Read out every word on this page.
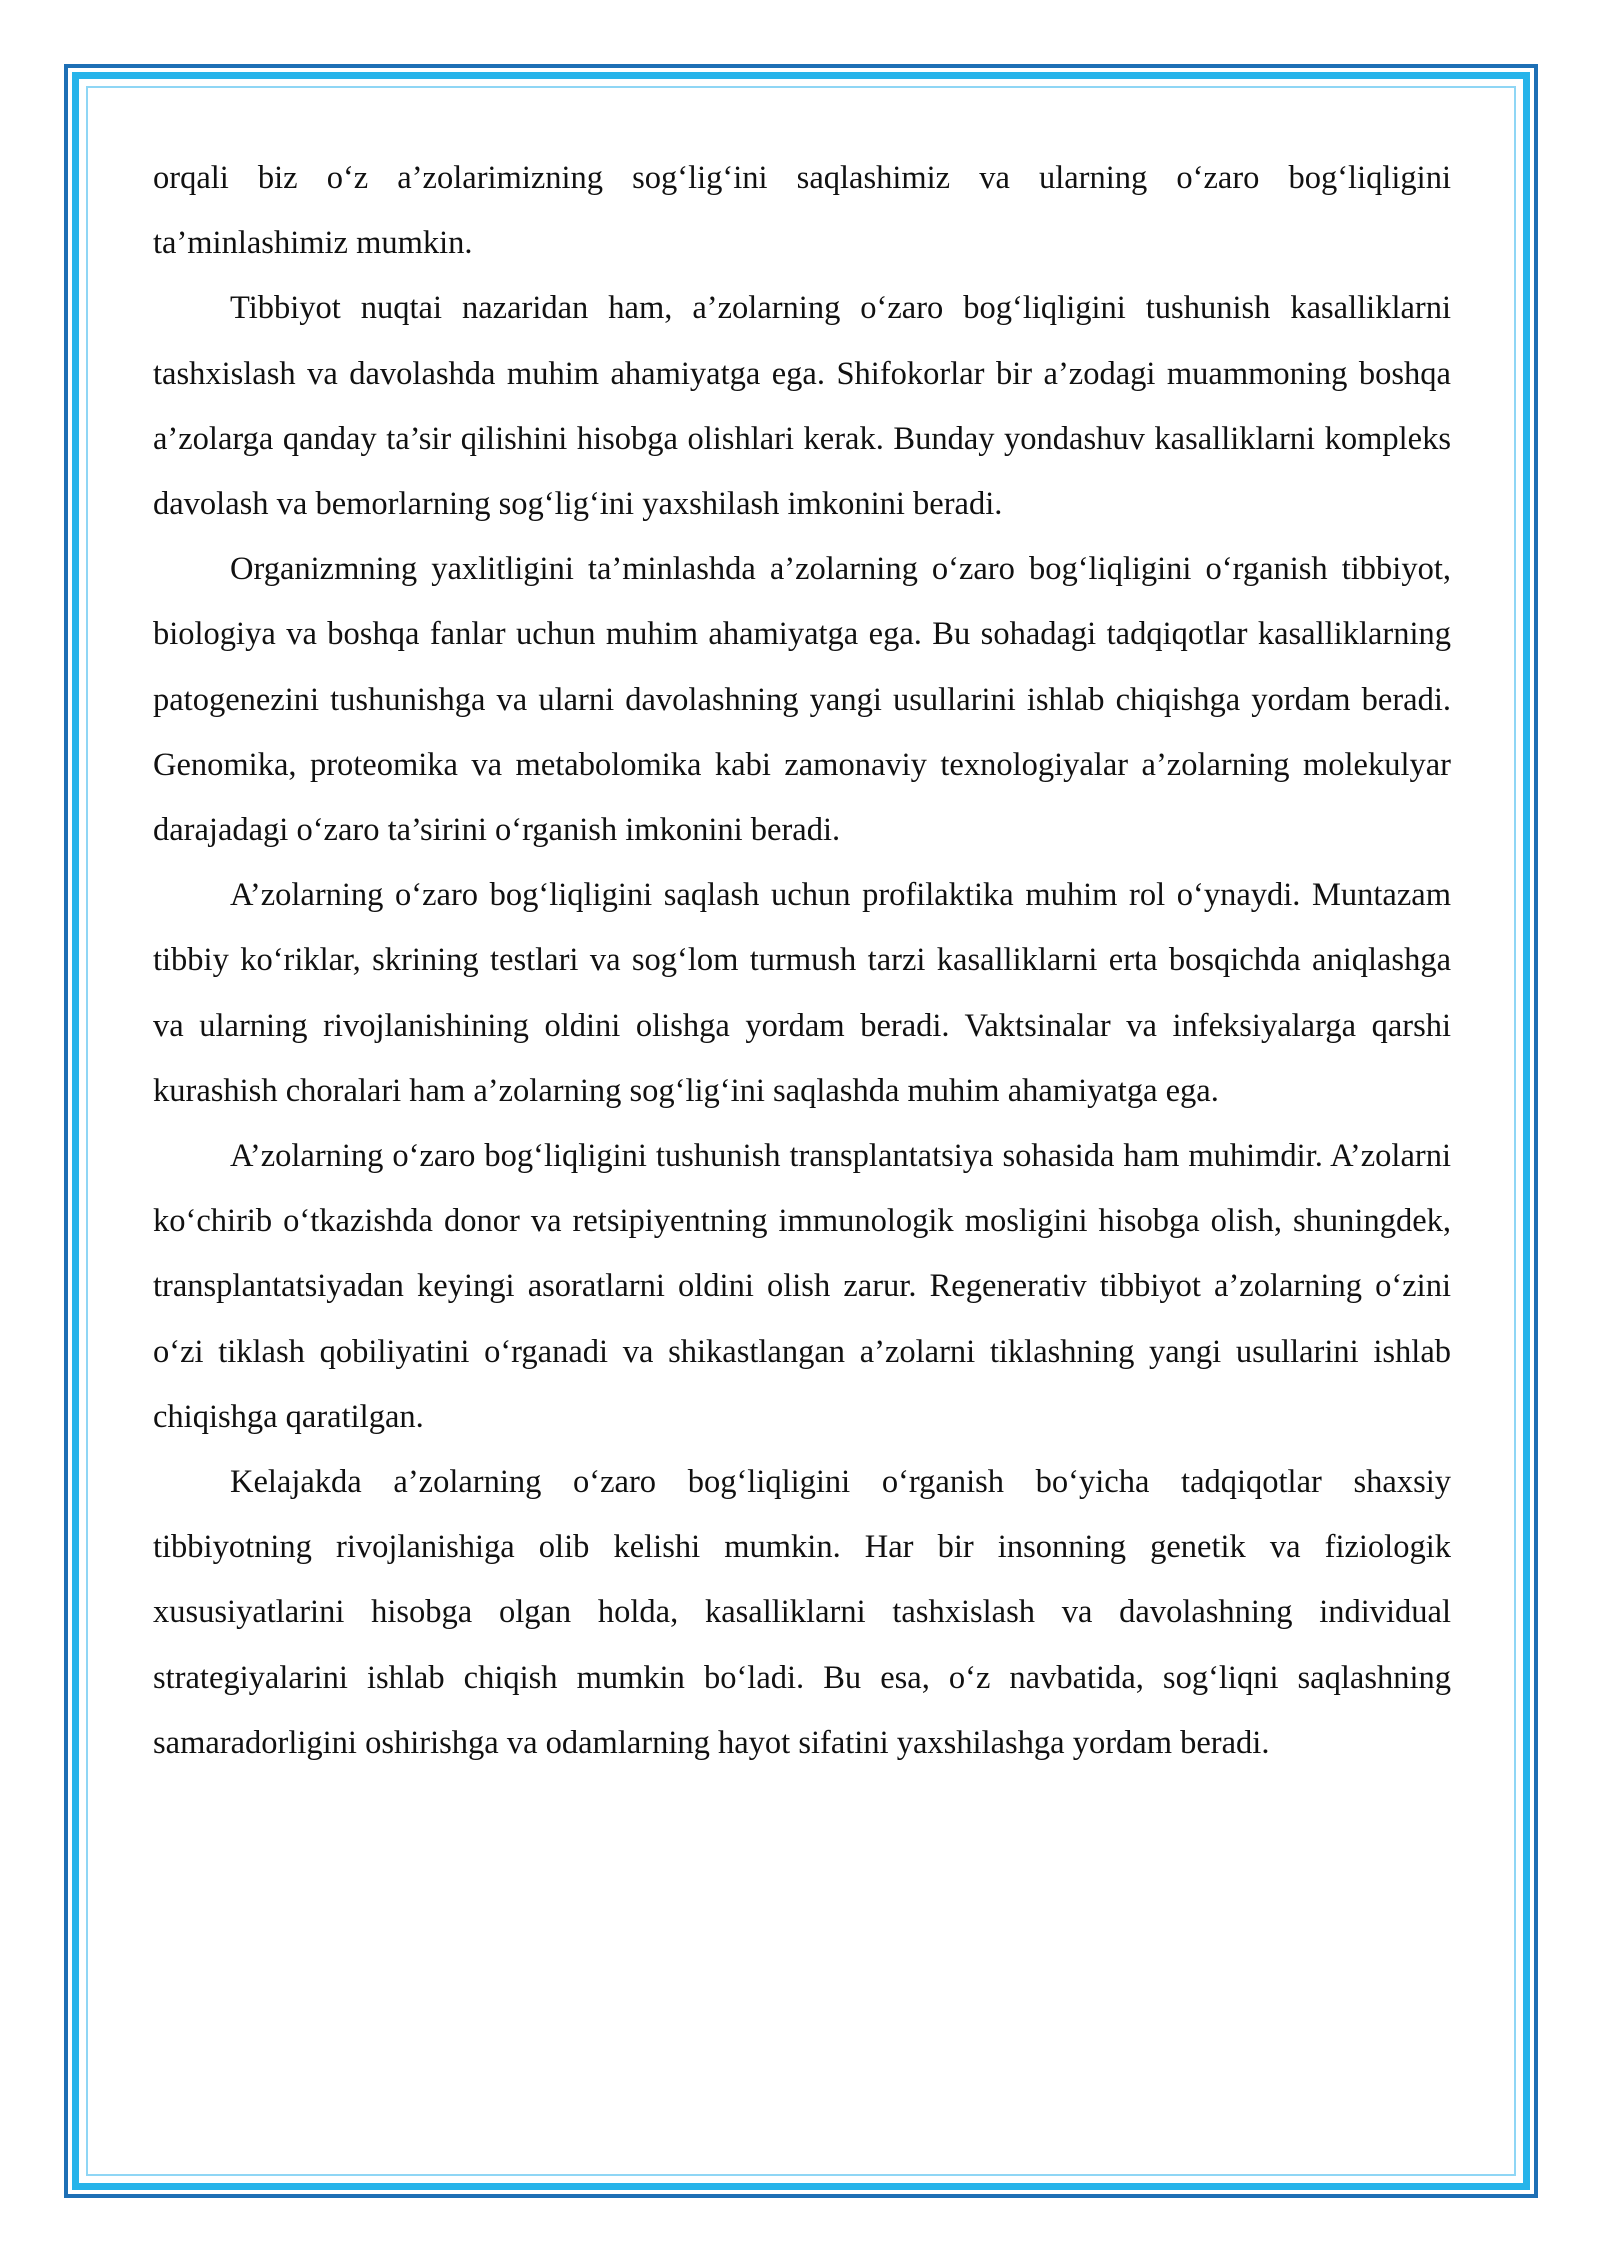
orqali biz o‘z a’zolarimizning sog‘lig‘ini saqlashimiz va ularning o‘zaro bog‘liqligini ta’minlashimiz mumkin.

Tibbiyot nuqtai nazaridan ham, a’zolarning o‘zaro bog‘liqligini tushunish kasalliklarni tashxislash va davolashda muhim ahamiyatga ega. Shifokorlar bir a’zodagi muammoning boshqa a’zolarga qanday ta’sir qilishini hisobga olishlari kerak. Bunday yondashuv kasalliklarni kompleks davolash va bemorlarning sog‘lig‘ini yaxshilash imkonini beradi.

Organizmning yaxlitligini ta’minlashda a’zolarning o‘zaro bog‘liqligini o‘rganish tibbiyot, biologiya va boshqa fanlar uchun muhim ahamiyatga ega. Bu sohadagi tadqiqotlar kasalliklarning patogenezini tushunishga va ularni davolashning yangi usullarini ishlab chiqishga yordam beradi. Genomika, proteomika va metabolomika kabi zamonaviy texnologiyalar a’zolarning molekulyar darajadagi o‘zaro ta’sirini o‘rganish imkonini beradi.

A’zolarning o‘zaro bog‘liqligini saqlash uchun profilaktika muhim rol o‘ynaydi. Muntazam tibbiy ko‘riklar, skrining testlari va sog‘lom turmush tarzi kasalliklarni erta bosqichda aniqlashga va ularning rivojlanishining oldini olishga yordam beradi. Vaktsinalar va infeksiyalarga qarshi kurashish choralari ham a’zolarning sog‘lig‘ini saqlashda muhim ahamiyatga ega.

A’zolarning o‘zaro bog‘liqligini tushunish transplantatsiya sohasida ham muhimdir. A’zolarni ko‘chirib o‘tkazishda donor va retsipiyentning immunologik mosligini hisobga olish, shuningdek, transplantatsiyadan keyingi asoratlarni oldini olish zarur. Regenerativ tibbiyot a’zolarning o‘zini o‘zi tiklash qobiliyatini o‘rganadi va shikastlangan a’zolarni tiklashning yangi usullarini ishlab chiqishga qaratilgan.

Kelajakda a’zolarning o‘zaro bog‘liqligini o‘rganish bo‘yicha tadqiqotlar shaxsiy tibbiyotning rivojlanishiga olib kelishi mumkin. Har bir insonning genetik va fiziologik xususiyatlarini hisobga olgan holda, kasalliklarni tashxislash va davolashning individual strategiyalarini ishlab chiqish mumkin bo‘ladi. Bu esa, o‘z navbatida, sog‘liqni saqlashning samaradorligini oshirishga va odamlarning hayot sifatini yaxshilashga yordam beradi.
